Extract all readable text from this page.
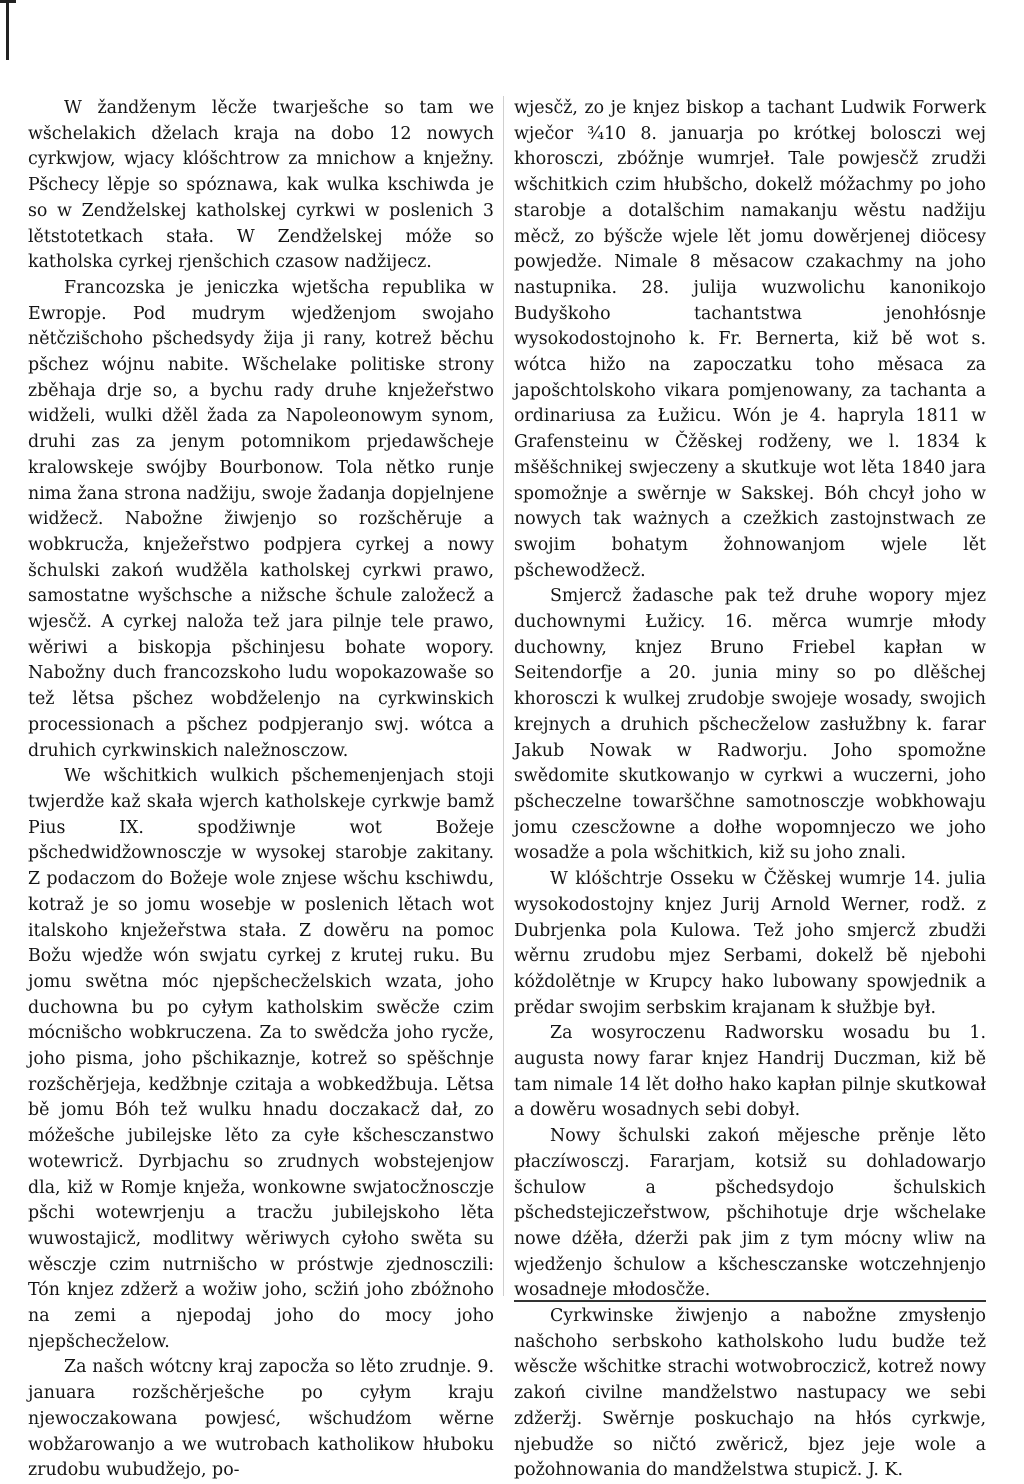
W žandženym lěcže twarješche so tam we wšchelakich dželach kraja na dobo 12 nowych cyrkwjow, wjacy klóšchtrow za mnichow a knježny. Pšchecy lěpje so spóznawa, kak wulka kschiwda je so w Zendželskej katholskej cyrkwi w poslenich 3 lětstotetkach stała. W Zendželskej móže so katholska cyrkej rjenšchich czasow nadžijecz.

Francozska je jeniczka wjetšcha republika w Ewropje. Pod mudrym wjedženjom swojaho nětčzišchoho pšchedsydy žija ji rany, kotrež běchu pšchez wójnu nabite. Wšchelake politiske strony zběhaja drje so, a bychu rady druhe knježeřstwo widželi, wulki džěl žada za Napoleonowym synom, druhi zas za jenym potomnikom prjedawšcheje kralowskeje swójby Bourbonow. Tola nětko runje nima žana strona nadžiju, swoje žadanja dopjelnjene widžecž. Nabožne žiwjenjo so rozšchěruje a wobkrucža, knježeřstwo podpjera cyrkej a nowy šchulski zakoń wudžěla katholskej cyrkwi prawo, samostatne wyšchsche a nižsche šchule založecž a wjesčž. A cyrkej naloža tež jara pilnje tele prawo, wěriwi a biskopja pšchinjesu bohate wopory. Nabožny duch francozskoho ludu wopokazowaše so tež lětsa pšchez wobdželenjo na cyrkwinskich processionach a pšchez podpjeranjo swj. wótca a druhich cyrkwinskich naležnosczow.

We wšchitkich wulkich pšchemenjenjach stoji twjerdže kaž skała wjerch katholskeje cyrkwje bamž Pius IX. spodžiwnje wot Božeje pšchedwidžownosczje w wysokej starobje zakitany. Z podaczom do Božeje wole znjese wšchu kschiwdu, kotraž je so jomu wosebje w poslenich lětach wot italskoho knježeřstwa stała. Z dowěru na pomoc Božu wjedže wón swjatu cyrkej z krutej ruku. Bu jomu swětna móc njepšchecželskich wzata, joho duchowna bu po cyłym katholskim swěcže czim mócnišcho wobkruczena. Za to swědcža joho rycže, joho pisma, joho pšchikaznje, kotrež so spěšchnje rozšchěrjeja, kedžbnje czitaja a wobkedžbuja. Lětsa bě jomu Bóh tež wulku hnadu doczakacž dał, zo móžešche jubilejske lěto za cyłe kšchesczanstwo wotewricž. Dyrbjachu so zrudnych wobstejenjow dla, kiž w Romje knježa, wonkowne swjatocžnosczje pšchi wotewrjenju a tracžu jubilejskoho lěta wuwostajicž, modlitwy wěriwych cyłoho swěta su wěsczje czim nutrnišcho w próstwje zjednosczili: Tón knjez zdžerž a wožiw joho, scžiń joho zbóžnoho na zemi a njepodaj joho do mocy joho njepšchecželow.

Za našch wótcny kraj zapocža so lěto zrudnje. 9. januara rozšchěrješche po cyłym kraju njewoczakowana powjesć, wšchudźom wěrne wobžarowanjo a we wutrobach katholikow hłuboku zrudobu wubudžejo, po-

wjesčž, zo je knjez biskop a tachant Ludwik Forwerk wječor ³⁄₄10 8. januarja po krótkej bolosczi wej khorosczi, zbóžnje wumrjeł. Tale powjesčž zrudži wšchitkich czim hłubšcho, dokelž móžachmy po joho starobje a dotalšchim namakanju wěstu nadžiju měcž, zo býšcže wjele lět jomu dowěrjenej diöcesy powjedže. Nimale 8 měsacow czakachmy na joho nastupnika. 28. julija wuzwolichu kanonikojo Budyškoho tachantstwa jenohłósnje wysokodostojnoho k. Fr. Bernerta, kiž bě wot s. wótca hižo na zapoczatku toho měsaca za japošchtolskoho vikara pomjenowany, za tachanta a ordinariusa za Łužicu. Wón je 4. hapryla 1811 w Grafensteinu w Čžěskej rodženy, we l. 1834 k mšěšchnikej swjeczeny a skutkuje wot lěta 1840 jara spomožnje a swěrnje w Sakskej. Bóh chcył joho w nowych tak ważnych a czežkich zastojnstwach ze swojim bohatym žohnowanjom wjele lět pšchewodžecž.

Smjercž žadasche pak tež druhe wopory mjez duchownymi Łužicy. 16. měrca wumrje młody duchowny, knjez Bruno Friebel kapłan w Seitendorfje a 20. junia miny so po dlěšchej khorosczi k wulkej zrudobje swojeje wosady, swojich krejnych a druhich pšchecželow zasłužbny k. farar Jakub Nowak w Radworju. Joho spomožne swědomite skutkowanjo w cyrkwi a wuczerni, joho pšcheczelne towarščhne samotnosczje wobkhowaju jomu czescžowne a dołhe wopomnjeczo we joho wosadže a pola wšchitkich, kiž su joho znali.

W klóšchtrje Osseku w Čžěskej wumrje 14. julia wysokodostojny knjez Jurij Arnold Werner, rodž. z Dubrjenka pola Kulowa. Tež joho smjercž zbudži wěrnu zrudobu mjez Serbami, dokelž bě njebohi kóždolětnje w Krupcy hako lubowany spowjednik a prědar swojim serbskim krajanam k słužbje był.

Za wosyroczenu Radworsku wosadu bu 1. augusta nowy farar knjez Handrij Duczman, kiž bě tam nimale 14 lět dołho hako kapłan pilnje skutkował a dowěru wosadnych sebi dobył.

Nowy šchulski zakoń mějesche prěnje lěto płaczíwosczj. Fararjam, kotsiž su dohladowarjo šchulow a pšchedsydojo šchulskich pšchedstejiczeřstwow, pšchihotuje drje wšchelake nowe dźěła, dźerži pak jim z tym mócny wliw na wjedženjo šchulow a kšchesczanske wotczehnjenjo wosadneje młodosčže.

Cyrkwinske žiwjenjo a nabožne zmysłenjo našchoho serbskoho katholskoho ludu budže tež wěscže wšchitke strachi wotwobroczicž, kotrež nowy zakoń civilne mandželstwo nastupacy we sebi zdžeržj. Swěrnje poskuchajo na hłós cyrkwje, njebudže so ničtó zwěricž, bjez jeje wole a požohnowania do mandželstwa stupicž. J. K.
